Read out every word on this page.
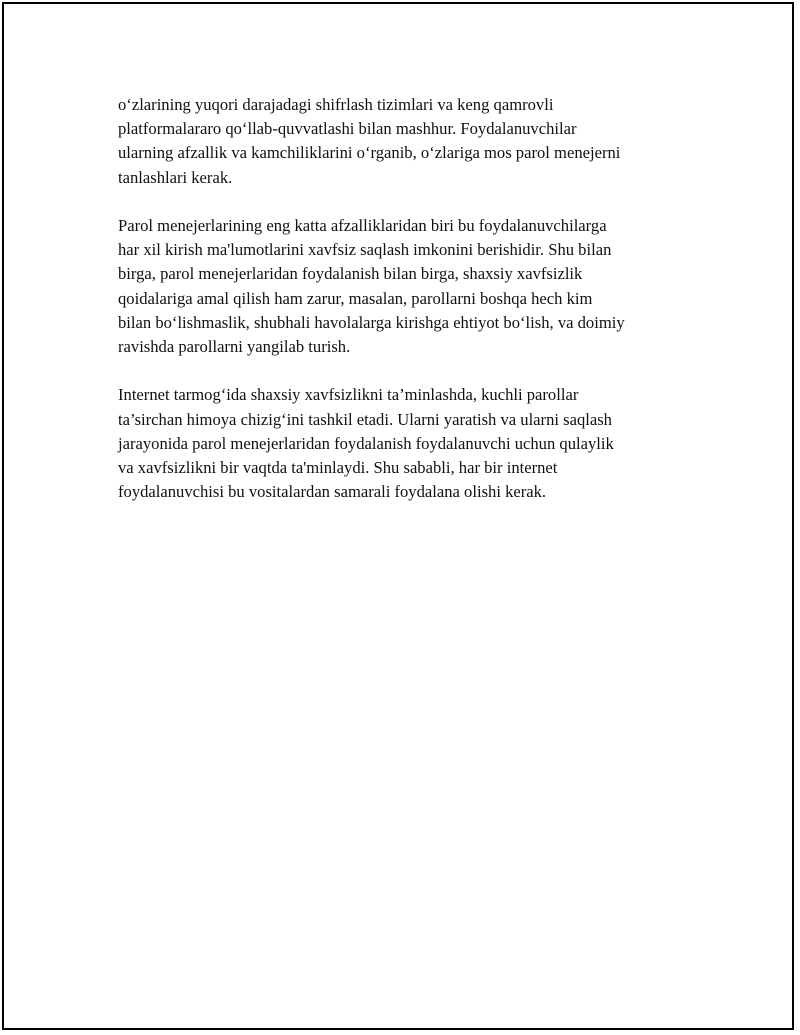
o‘zlarining yuqori darajadagi shifrlash tizimlari va keng qamrovli
platformalararo qo‘llab-quvvatlashi bilan mashhur. Foydalanuvchilar
ularning afzallik va kamchiliklarini o‘rganib, o‘zlariga mos parol menejerni
tanlashlari kerak.

Parol menejerlarining eng katta afzalliklaridan biri bu foydalanuvchilarga
har xil kirish ma'lumotlarini xavfsiz saqlash imkonini berishidir. Shu bilan
birga, parol menejerlaridan foydalanish bilan birga, shaxsiy xavfsizlik
qoidalariga amal qilish ham zarur, masalan, parollarni boshqa hech kim
bilan bo‘lishmaslik, shubhali havolalarga kirishga ehtiyot bo‘lish, va doimiy
ravishda parollarni yangilab turish.

Internet tarmog‘ida shaxsiy xavfsizlikni ta’minlashda, kuchli parollar
ta’sirchan himoya chizig‘ini tashkil etadi. Ularni yaratish va ularni saqlash
jarayonida parol menejerlaridan foydalanish foydalanuvchi uchun qulaylik
va xavfsizlikni bir vaqtda ta'minlaydi. Shu sababli, har bir internet
foydalanuvchisi bu vositalardan samarali foydalana olishi kerak.
